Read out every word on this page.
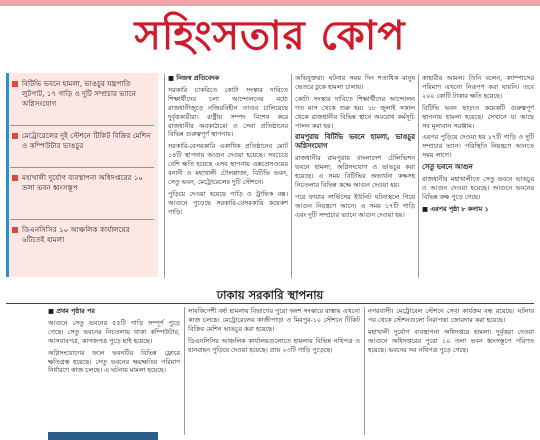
সহিংসতার কোপ
বিটিভি ভবনে হামলা, ভাঙচুর যন্ত্রপাতি লুটপাট, ১৭ গাড়ি ও দুটি সম্প্রচার ভ্যানে অগ্নিসংযোগ
মেট্রোরেলের দুই স্টেশনে টিকিট বিক্রির মেশিন ও কম্পিউটার ভাঙচুর
মহাখালী দুর্যোগ ব্যবস্থাপনা অধিদপ্তরের ১০ তলা ভবন ধ্বংসস্তূপ
ডিএনসিসির ১০ আঞ্চলিক কার্যালয়ের ৬টিতেই হামলা

■ নিজস্ব প্রতিবেদক

সরকারি চাকরিতে কোটা সংস্কার দাবিতে শিক্ষার্থীদের চলা আন্দোলনের মধ্যে রাজধানীজুড়ে নজিরবিহীন তাণ্ডব চালিয়েছে দুর্বৃত্তকারীরা। রাষ্ট্রীয় সম্পদ বিশেষ করে রাজধানীর অবকাঠামো ও সেবা প্রতিষ্ঠানের বিভিন্ন গুরুত্বপূর্ণ স্থাপনায়।

সরকারি-বেসরকারি একাধিক প্রতিষ্ঠানের মোট ১৪টি স্থাপনায় আগুন দেওয়া হয়েছে। সবচেয়ে বেশি ক্ষতি হয়েছে এসব স্থাপনায় এক্সপ্রেসওয়ের বনানী ও মহাখালী টোলপ্লাজা, বিটিভি ভবন, সেতু ভবন, মেট্রোরেলের দুটি স্টেশনে।

পুড়িয়ে দেওয়া হয়েছে গাড়ি ও ট্রাফিক বক্স। আগুনে পুড়েছে সরকারি-বেসরকারি কয়েকশ গাড়ি।

অভিযুক্তরা। ঘটনার সময় দিন শতাধিক মানুষ ভেতরে ঢুকে হামলা চালায়।

কোটা সংস্কার দাবিতে শিক্ষার্থীদের আন্দোলন গত মাস থেকে শুরু হয়। ১৮ জুলাই সকাল থেকে রাজধানীর বিভিন্ন স্থানে অবরোধ কর্মসূচি পালন করা হয়।

রামপুরায় বিটিভি ভবনে হামলা, ভাঙচুর অগ্নিসংযোগ

রাজধানীর রামপুরায় বাংলাদেশ টেলিভিশন ভবনে হামলা, অগ্নিসংযোগ ও ভাঙচুর করা হয়েছে। এ সময় বিটিভির অভ্যর্থনা কক্ষসহ নিচতলার বিভিন্ন কক্ষে আগুন দেওয়া হয়।

পরে ফায়ার সার্ভিসের ইউনিট ঘটনাস্থলে গিয়ে আগুন নিয়ন্ত্রণে আনে। এ সময় ১৭টি গাড়ি এবং দুটি সম্প্রচার ভ্যানে আগুন দেওয়া হয়।

কাহারীর আমল। তিনি বলেন, ক্যাম্পাসের পরিমাণ এখনো নিরূপণ করা যায়নি। তবে ২০০ কোটি টাকার ক্ষতি হয়েছে।

বিটিভি ভবন ছাড়াও কয়েকটি গুরুত্বপূর্ণ স্থাপনায় হামলা হয়েছে। সেখানে যা আছে সব মূল্যবান সরঞ্জাম।

এরপর পুড়িয়ে দেওয়া হয় ১৭টি গাড়ি ও দুটি সম্প্রচার ভ্যান। পরিস্থিতি নিয়ন্ত্রণে আনতে সময় লাগে।

সেতু ভবনে আগুন

রাজধানীর মহাখালীতে সেতু ভবনে ভাঙচুর ও আগুন দেওয়া হয়েছে। আগুনে ভবনের বিভিন্ন কক্ষ পুড়ে গেছে।

■ এরপর পৃষ্ঠা ৮ কলাম ১

ঢাকায় সরকারি স্থাপনায়

■ প্রথম পৃষ্ঠার পর

আগুনে সেতু ভবনের ৫৫টি গাড়ি সম্পূর্ণ পুড়ে গেছে। সেতু ভবনের নিচতলায় থাকা কম্পিউটার, আসবাবপত্র, কাগজপত্র পুড়ে ছাই হয়েছে।

অগ্নিসংযোগের ফলে ভবনটির বিভিন্ন ফ্লোরে ক্ষতিগ্রস্ত হয়েছে। সেতু ভবনের ক্ষয়ক্ষতির পরিমাণ নির্ধারণে কাজ চলছে। এ ঘটনায় মামলা হয়েছে।

সাবকিপেশী বর্ষা হামলায় বিভাগের পুরো অংশ সংস্কারে রাস্তায় এখনো কাজ চলছে। মেট্রোরেলের কাজীপাড়া ও মিরপুর-১০ স্টেশনে টিকিট বিক্রির মেশিন ভাঙচুর করা হয়েছে।

ডিএনসিসির আঞ্চলিক কার্যালয়গুলোতে হামলায় বিভিন্ন নথিপত্র ও যানবাহন পুড়িয়ে দেওয়া হয়েছে। প্রায় ২৩টি গাড়ি পুড়েছে।

নগরবাসী। মেট্রোরেল স্টেশনে সেবা কার্যক্রম বন্ধ রয়েছে। ঘটনার পর থেকে স্টেশনগুলো নিরাপত্তা জোরদার করা হয়েছে।

মহাখালী দুর্যোগ ব্যবস্থাপনা অধিদপ্তরে হামলা। দুর্বৃত্তরা দেওয়া আগুনে অধিদপ্তরের পুরো ১০ তলা ভবন ধ্বংসস্তূপে পরিণত হয়েছে। ভবনের সব নথিপত্র পুড়ে গেছে।
